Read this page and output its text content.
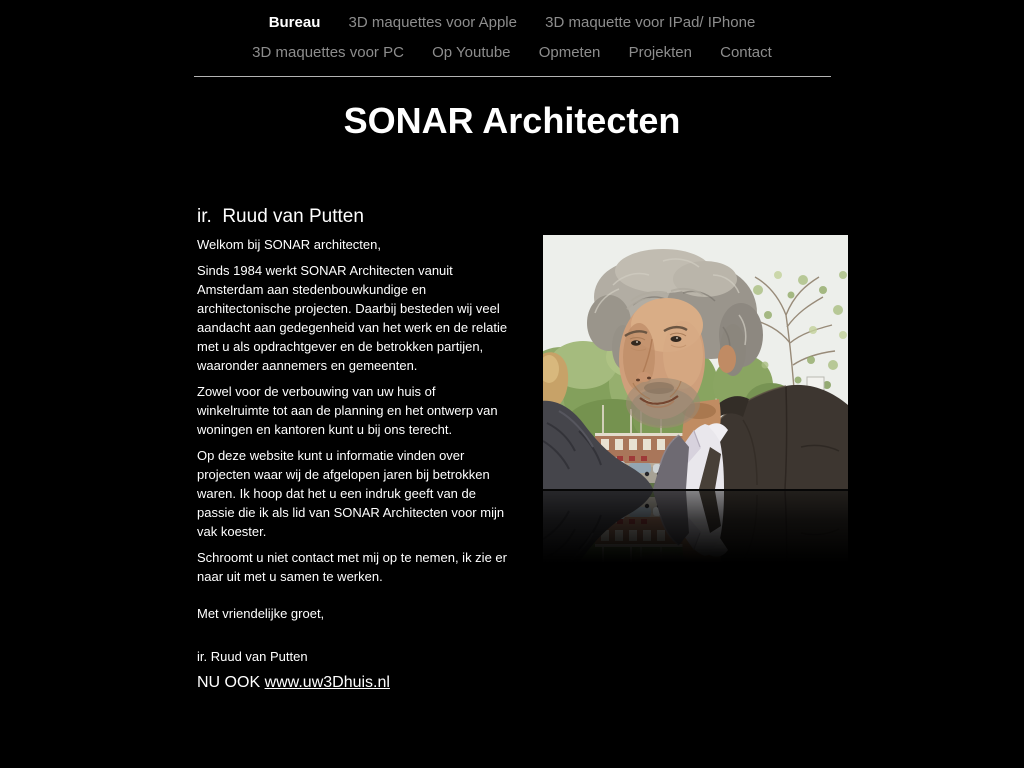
Bureau 3D maquettes voor Apple 3D maquette voor IPad/ IPhone
3D maquettes voor PC Op Youtube Opmeten Projekten Contact
SONAR Architecten
ir.  Ruud van Putten

Welkom bij SONAR architecten,

Sinds 1984 werkt SONAR Architecten vanuit Amsterdam aan stedenbouwkundige en architectonische projecten. Daarbij besteden wij veel aandacht aan gedegenheid van het werk en de relatie met u als opdrachtgever en de betrokken partijen, waaronder aannemers en gemeenten.

Zowel voor de verbouwing van uw huis of winkelruimte tot aan de planning en het ontwerp van woningen en kantoren kunt u bij ons terecht.

Op deze website kunt u informatie vinden over projecten waar wij de afgelopen jaren bij betrokken waren. Ik hoop dat het u een indruk geeft van de passie die ik als lid van SONAR Architecten voor mijn vak koester.

Schroomt u niet contact met mij op te nemen, ik zie er naar uit met u samen te werken.

Met vriendelijke groet,

ir. Ruud van Putten

NU OOK www.uw3Dhuis.nl
